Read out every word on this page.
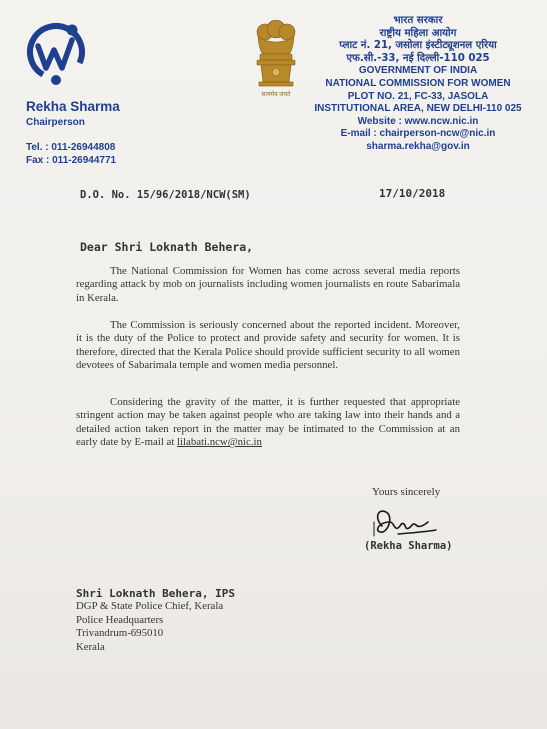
Rekha Sharma
Chairperson
Tel. : 011-26944808
Fax : 011-26944771
सत्यमेव जयते
भारत सरकार
राष्ट्रीय महिला आयोग
प्लाट नं. 21, जसोला इंस्टीट्यूशनल एरिया
एफ.सी.-33, नई दिल्ली-110 025
GOVERNMENT OF INDIA
NATIONAL COMMISSION FOR WOMEN
PLOT NO. 21, FC-33, JASOLA
INSTITUTIONAL AREA, NEW DELHI-110 025
Website : www.ncw.nic.in
E-mail : chairperson-ncw@nic.in
sharma.rekha@gov.in
D.O. No. 15/96/2018/NCW(SM)	17/10/2018
Dear Shri Loknath Behera,

The National Commission for Women has come across several media reports regarding attack by mob on journalists including women journalists en route Sabarimala in Kerala.

The Commission is seriously concerned about the reported incident. Moreover, it is the duty of the Police to protect and provide safety and security for women. It is therefore, directed that the Kerala Police should provide sufficient security to all women devotees of Sabarimala temple and women media personnel.

Considering the gravity of the matter, it is further requested that appropriate stringent action may be taken against people who are taking law into their hands and a detailed action taken report in the matter may be intimated to the Commission at an early date by E-mail at lilabati.ncw@nic.in

Yours sincerely
(Rekha Sharma)
Shri Loknath Behera, IPS
DGP & State Police Chief, Kerala
Police Headquarters
Trivandrum-695010
Kerala
